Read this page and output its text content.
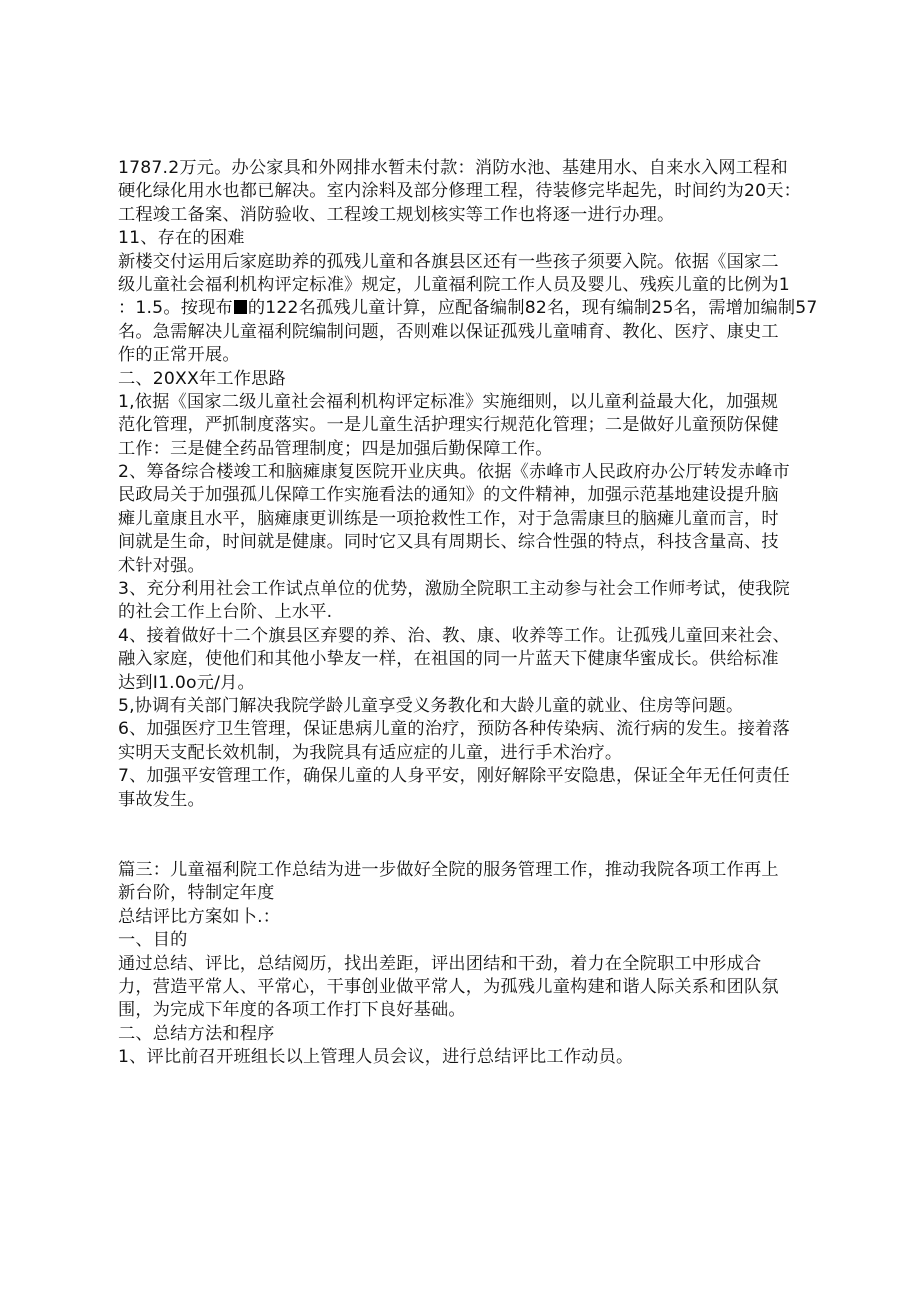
1787.2万元。办公家具和外网排水暂未付款：消防水池、基建用水、自来水入网工程和
硬化绿化用水也都已解决。室内涂料及部分修理工程，待装修完毕起先，时间约为20天：
工程竣工备案、消防验收、工程竣工规划核实等工作也将逐一进行办理。
11、存在的困难
新楼交付运用后家庭助养的孤残儿童和各旗县区还有一些孩子须要入院。依据《国家二
级儿童社会福利机构评定标准》规定，儿童福利院工作人员及婴儿、残疾儿童的比例为1
：1.5。按现布 的122名孤残儿童计算，应配备编制82名，现有编制25名，需增加编制57
名。急需解决儿童福利院编制问题，否则难以保证孤残儿童哺育、教化、医疗、康史工
作的正常开展。
二、20XX年工作思路
1,依据《国家二级儿童社会福利机构评定标准》实施细则，以儿童利益最大化，加强规
范化管理，严抓制度落实。一是儿童生活护理实行规范化管理；二是做好儿童预防保健
工作：三是健全药品管理制度；四是加强后勤保障工作。
2、筹备综合楼竣工和脑瘫康复医院开业庆典。依据《赤峰市人民政府办公厅转发赤峰市
民政局关于加强孤儿保障工作实施看法的通知》的文件精神，加强示范基地建设提升脑
瘫儿童康且水平，脑瘫康更训练是一项抢救性工作，对于急需康旦的脑瘫儿童而言，时
间就是生命，时间就是健康。同时它又具有周期长、综合性强的特点，科技含量高、技
术针对强。
3、充分利用社会工作试点单位的优势，激励全院职工主动参与社会工作师考试，使我院
的社会工作上台阶、上水平.
4、接着做好十二个旗县区弃婴的养、治、教、康、收养等工作。让孤残儿童回来社会、
融入家庭，使他们和其他小挚友一样，在祖国的同一片蓝天下健康华蜜成长。供给标准
达到I1.0o元/月。
5,协调有关部门解决我院学龄儿童享受义务教化和大龄儿童的就业、住房等问题。
6、加强医疗卫生管理，保证患病儿童的治疗，预防各种传染病、流行病的发生。接着落
实明天支配长效机制，为我院具有适应症的儿童，进行手术治疗。
7、加强平安管理工作，确保儿童的人身平安，刚好解除平安隐患，保证全年无任何责任
事故发生。
篇三：儿童福利院工作总结为进一步做好全院的服务管理工作，推动我院各项工作再上
新台阶，特制定年度
总结评比方案如卜.：
一、目的
通过总结、评比，总结阅历，找出差距，评出团结和干劲，着力在全院职工中形成合
力，营造平常人、平常心，干事创业做平常人，为孤残儿童构建和谐人际关系和团队氛
围，为完成下年度的各项工作打下良好基础。
二、总结方法和程序
1、评比前召开班组长以上管理人员会议，进行总结评比工作动员。
